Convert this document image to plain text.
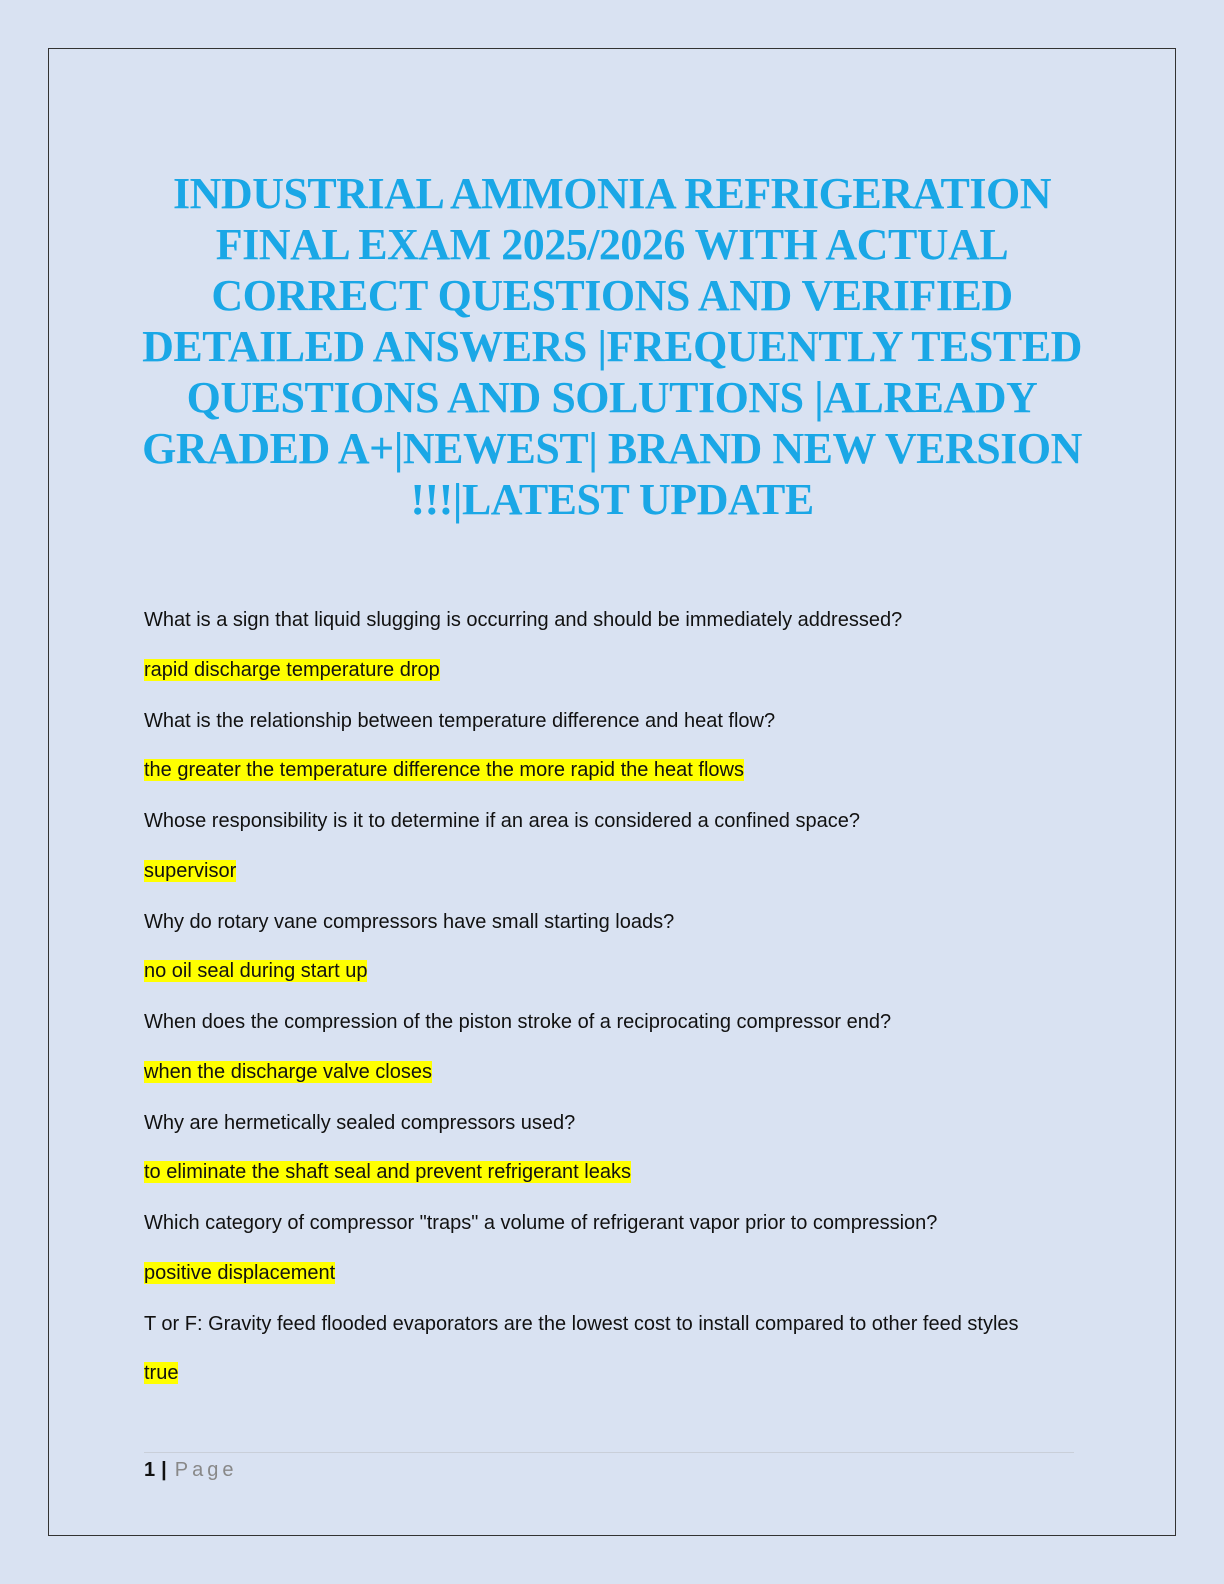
INDUSTRIAL AMMONIA REFRIGERATION FINAL EXAM 2025/2026 WITH ACTUAL CORRECT QUESTIONS AND VERIFIED DETAILED ANSWERS |FREQUENTLY TESTED QUESTIONS AND SOLUTIONS |ALREADY GRADED A+|NEWEST| BRAND NEW VERSION !!!|LATEST UPDATE

What is a sign that liquid slugging is occurring and should be immediately addressed?

rapid discharge temperature drop

What is the relationship between temperature difference and heat flow?

the greater the temperature difference the more rapid the heat flows

Whose responsibility is it to determine if an area is considered a confined space?

supervisor

Why do rotary vane compressors have small starting loads?

no oil seal during start up

When does the compression of the piston stroke of a reciprocating compressor end?

when the discharge valve closes

Why are hermetically sealed compressors used?

to eliminate the shaft seal and prevent refrigerant leaks

Which category of compressor "traps" a volume of refrigerant vapor prior to compression?

positive displacement

T or F: Gravity feed flooded evaporators are the lowest cost to install compared to other feed styles

true

1 | Page
